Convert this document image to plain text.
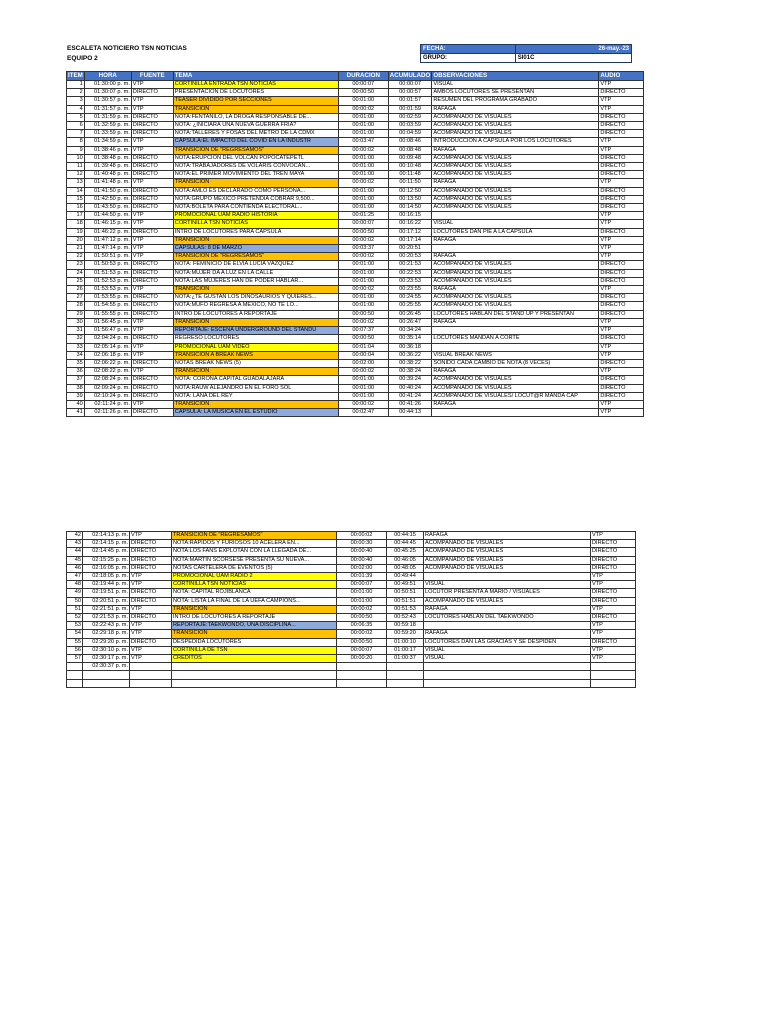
ESCALETA NOTICIERO TSN NOTICIAS
EQUIPO 2
FECHA:	26-may.-23
GRUPO:	SI01C
ITEM	HORA	FUENTE	TEMA	DURACION	ACUMULADO	OBSERVACIONES	AUDIO
1	01:30:00 p. m.	VTP	CORTINILLA ENTRADA TSN NOTICIAS	00:00:07	00:00:07	VISUAL	VTP
2	01:30:07 p. m.	DIRECTO	PRESENTACION DE LOCUTORES	00:00:50	00:00:57	AMBOS LOCUTORES SE PRESENTAN	DIRECTO
3	01:30:57 p. m.	VTP	TEASER DIVIDIDO POR SECCIONES	00:01:00	00:01:57	RESUMEN DEL PROGRAMA GRABADO	VTP
4	01:31:57 p. m.	VTP	TRANSICION	00:00:02	00:01:59	RÁFAGA	VTP
5	01:31:59 p. m.	DIRECTO	NOTA:FENTANILO, LA DROGA RESPONSABLE DE...	00:01:00	00:02:59	ACOMPAÑADO DE VISUALES	DIRECTO
6	01:32:59 p. m.	DIRECTO	NOTA: ¿INICIARÁ UNA NUEVA GUERRA FRIA?	00:01:00	00:03:59	ACOMPAÑADO DE VISUALES	DIRECTO
7	01:33:59 p. m.	DIRECTO	NOTA:TALLERES Y FOSAS DEL METRO DE LA CDMX	00:01:00	00:04:59	ACOMPAÑADO DE VISUALES	DIRECTO
8	01:34:59 p. m.	VTP	CÁPSULA:EL IMPACTO DEL COVID EN LA INDUSTR	00:03:47	00:08:46	INTRODUCCIÓN A CÁPSULA POR LOS LOCUTORES	VTP
9	01:38:46 p. m.	VTP	TRANSICIÓN DE "REGRESAMOS"	00:00:02	00:08:48	RÁFAGA	VTP
10	01:38:48 p. m.	DIRECTO	NOTA:ERUPCIÓN DEL VOLCÁN POPOCATEPETL	00:01:00	00:09:48	ACOMPAÑADO DE VISUALES	DIRECTO
11	01:39:48 p. m.	DIRECTO	NOTA:TRABAJADORES DE VOLARIS CONVOCAN...	00:01:00	00:10:48	ACOMPAÑADO DE VISUALES	DIRECTO
12	01:40:48 p. m.	DIRECTO	NOTA:EL PRIMER MOVIMIENTO DEL TREN MAYA	00:01:00	00:11:48	ACOMPAÑADO DE VISUALES	DIRECTO
13	01:41:48 p. m.	VTP	TRANSICIÓN	00:00:02	00:11:50	RÁFAGA	VTP
14	01:41:50 p. m.	DIRECTO	NOTA:AMLO ES DECLARADO COMO PERSONA...	00:01:00	00:12:50	ACOMPAÑADO DE VISUALES	DIRECTO
15	01:42:50 p. m.	DIRECTO	NOTA:GRUPO MEXICO PRETENDIA COBRAR 9,500...	00:01:00	00:13:50	ACOMPAÑADO DE VISUALES	DIRECTO
16	01:43:50 p. m.	DIRECTO	NOTA:BOLETA PARA CONTIENDA ELECTORAL...	00:01:00	00:14:50	ACOMPAÑADO DE VISUALES	DIRECTO
17	01:44:50 p. m.	VTP	PROMOCIONAL UAM RADIO HISTORIA	00:01:25	00:16:15		VTP
18	01:46:15 p. m.	VTP	CORTINILLA TSN NOTICIAS	00:00:07	00:16:22	VISUAL	VTP
19	01:46:22 p. m.	DIRECTO	INTRO DE LOCUTORES PARA CÁPSULA	00:00:50	00:17:12	LOCUTORES DAN PIE A LA CÁPSULA	DIRECTO
20	01:47:12 p. m.	VTP	TRANSICIÓN	00:00:02	00:17:14	RÁFAGA	VTP
21	01:47:14 p. m.	VTP	CÁPSULAS: 8 DE MARZO	00:03:37	00:20:51		VTP
22	01:50:51 p. m.	VTP	TRANSICIÓN DE "REGRESAMOS"	00:00:02	00:20:53	RÁFAGA	VTP
23	01:50:53 p. m.	DIRECTO	NOTA: FEMINICIO DE ELVÍA LUCÍA VÁZQUEZ	00:01:00	00:21:53	ACOMPAÑADO DE VISUALES	DIRECTO
24	01:51:53 p. m.	DIRECTO	NOTA:MUJER DA A LUZ EN LA CALLE	00:01:00	00:22:53	ACOMPAÑADO DE VISUALES	DIRECTO
25	01:52:53 p. m.	DIRECTO	NOTA:LAS MUJERES HAN DE PODER HABLAR...	00:01:00	00:23:53	ACOMPAÑADO DE VISUALES	DIRECTO
26	01:53:53 p. m.	VTP	TRANSICIÓN	00:00:02	00:23:55	RÁFAGA	VTP
27	01:53:55 p. m.	DIRECTO	NOTA:¿TE GUSTAN LOS DINOSAURIOS Y QUIERES...	00:01:00	00:24:55	ACOMPAÑADO DE VISUALES	DIRECTO
28	01:54:55 p. m.	DIRECTO	NOTA:MUFO REGRESA A MÉXICO, NO TE LO...	00:01:00	00:25:55	ACOMPAÑADO DE VISUALES	DIRECTO
29	01:55:55 p. m.	DIRECTO	INTRO DE LOCUTORES A REPORTAJE	00:00:50	00:26:45	LOCUTORES HABLAN DEL STAND UP Y PRESENTAN	DIRECTO
30	01:56:45 p. m.	VTP	TRANSICION	00:00:02	00:26:47	RÁFAGA	VTP
31	01:56:47 p. m.	VTP	REPORTAJE: ESCENA UNDERGROUND DEL STANDU	00:07:37	00:34:24		VTP
32	02:04:24 p. m.	DIRECTO	REGRESO LOCUTORES	00:00:50	00:35:14	LOCUTORES MANDAN A CORTE	DIRECTO
33	02:05:14 p. m.	VTP	PROMOCIONAL UAM VIDEO	00:01:04	00:36:18		VTP
34	02:06:18 p. m.	VTP	TRANSICIÓN A BREAK NEWS	00:00:04	00:36:22	VISUAL BREAK NEWS	VTP
35	02:06:22 p. m.	DIRECTO	NOTAS BREAK NEWS (5)	00:02:00	00:38:22	SONIDO CADA CAMBIO DE NOTA (8 VECES)	DIRECTO
36	02:08:22 p. m.	VTP	TRANSICIÓN	00:00:02	00:38:24	RÁFAGA	VTP
37	02:08:24 p. m.	DIRECTO	NOTA: CORONA CAPITAL GUADALAJARA	00:01:00	00:39:24	ACOMPAÑADO DE VISUALES	DIRECTO
38	02:09:24 p. m.	DIRECTO	NOTA:RAUW ALEJANDRO EN EL FORO SOL	00:01:00	00:40:24	ACOMPAÑADO DE VISUALES	DIRECTO
39	02:10:24 p. m.	DIRECTO	NOTA: LANA DEL REY	00:01:00	00:41:24	ACOMPAÑADO DE VISUALES/ LOCUT@R MANDA CAP	DIRECTO
40	02:11:24 p. m.	VTP	TRANSICIÓN	00:00:02	00:41:26	RÁFAGA	VTP
41	02:11:26 p. m.	DIRECTO	CÁPSULA: LA MUSICA EN EL ESTUDIO	00:02:47	00:44:13		VTP
42	02:14:13 p. m.	VTP	TRANSICION DE "REGRESAMOS"	00:00:02	00:44:15	RÁFAGA	VTP
43	02:14:15 p. m.	DIRECTO	NOTA:RÁPIDOS Y FURIOSOS 10 ACELERA EN...	00:00:30	00:44:45	ACOMPAÑADO DE VISUALES	DIRECTO
44	02:14:45 p. m.	DIRECTO	NOTA:LOS FANS EXPLOTAN CON LA LLEGADA DE...	00:00:40	00:45:25	ACOMPAÑADO DE VISUALES	DIRECTO
45	02:15:25 p. m.	DIRECTO	NOTA:MARTIN SCORSESE PRESENTA SU NUEVA...	00:00:40	00:46:05	ACOMPAÑADO DE VISUALES	DIRECTO
46	02:16:05 p. m.	DIRECTO	NOTAS CARTELERA DE EVENTOS (5)	00:02:00	00:48:05	ACOMPAÑADO DE VISUALES	DIRECTO
47	02:18:05 p. m.	VTP	PROMOCIONAL UAM RADIO 2	00:01:39	00:49:44		VTP
48	02:19:44 p. m.	VTP	CORTINILLA TSN NOTICIAS	00:00:07	00:49:51	VISUAL	VTP
49	02:19:51 p. m.	DIRECTO	NOTA: CAPITAL ROJIBLANCA	00:01:00	00:50:51	LOCUTOR PRESENTA A MARIO / VISUALES	DIRECTO
50	02:20:51 p. m.	DIRECTO	NOTA: LISTA LA FINAL DE LA UEFA CAMPIONS...	00:01:00	00:51:51	ACOMPAÑADO DE VISUALES	DIRECTO
51	02:21:51 p. m.	VTP	TRANSICIÓN	00:00:02	00:51:53	RÁFAGA	VTP
52	02:21:53 p. m.	DIRECTO	INTRO DE LOCUTORES A REPORTAJE	00:00:50	00:52:43	LOCUTORES HABLAN DEL TAEKWONDO	DIRECTO
53	02:22:43 p. m.	VTP	REPORTAJE:TAEKWONDO, UNA DISCIPLINA...	00:06:35	00:59:18		VTP
54	02:29:18 p. m.	VTP	TRANSICIÓN	00:00:02	00:59:20	RÁFAGA	VTP
55	02:29:20 p. m.	DIRECTO	DESPEDIDA LOCUTORES	00:00:50	01:00:10	LOCUTORES DAN LAS GRACIAS Y SE DESPIDEN	DIRECTO
56	02:30:10 p. m.	VTP	CORTINILLA DE TSN	00:00:07	01:00:17	VISUAL	VTP
57	02:30:17 p. m.	VTP	CRÉDITOS	00:00:20	01:00:37	VISUAL	VTP
	02:30:37 p. m.						
